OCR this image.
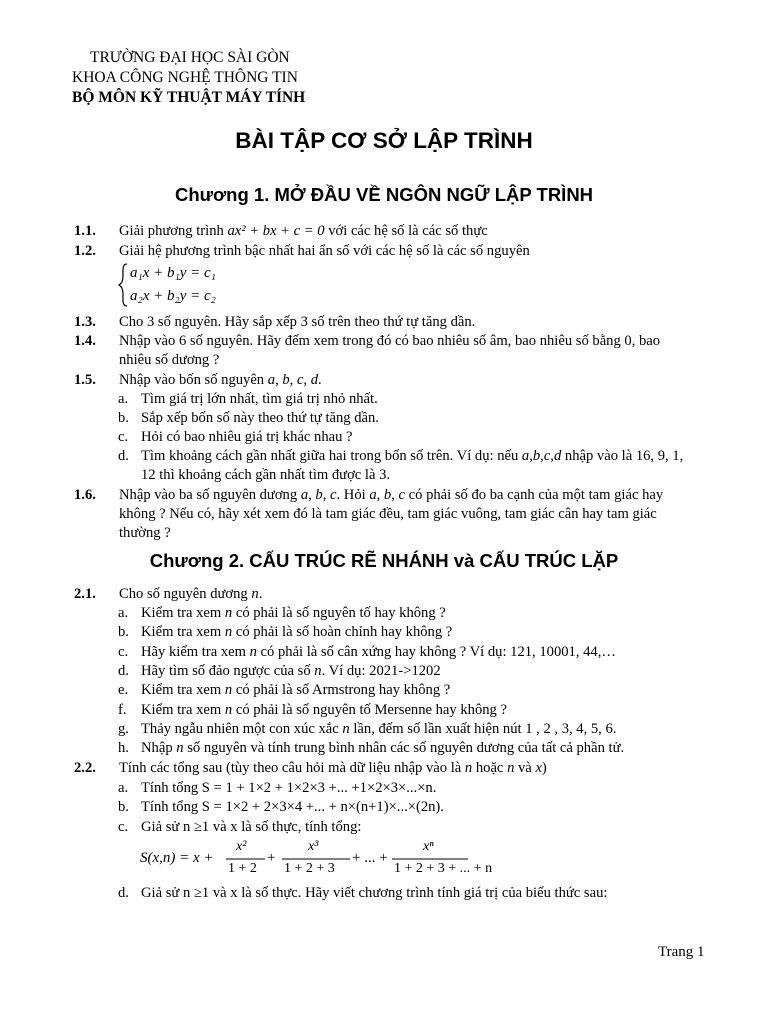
TRƯỜNG ĐẠI HỌC SÀI GÒN
KHOA CÔNG NGHỆ THÔNG TIN
BỘ MÔN KỸ THUẬT MÁY TÍNH
BÀI TẬP CƠ SỞ LẬP TRÌNH
Chương 1. MỞ ĐẦU VỀ NGÔN NGỮ LẬP TRÌNH
1.1. Giải phương trình ax² + bx + c = 0 với các hệ số là các số thực
1.2. Giải hệ phương trình bậc nhất hai ẩn số với các hệ số là các số nguyên
a₁x + b₁y = c₁
a₂x + b₂y = c₂
1.3. Cho 3 số nguyên. Hãy sắp xếp 3 số trên theo thứ tự tăng dần.
1.4. Nhập vào 6 số nguyên. Hãy đếm xem trong đó có bao nhiêu số âm, bao nhiêu số bằng 0, bao
nhiêu số dương ?
1.5. Nhập vào bốn số nguyên a, b, c, d.
a. Tìm giá trị lớn nhất, tìm giá trị nhỏ nhất.
b. Sắp xếp bốn số này theo thứ tự tăng dần.
c. Hỏi có bao nhiêu giá trị khác nhau ?
d. Tìm khoảng cách gần nhất giữa hai trong bốn số trên. Ví dụ: nếu a,b,c,d nhập vào là 16, 9, 1,
12 thì khoảng cách gần nhất tìm được là 3.
1.6. Nhập vào ba số nguyên dương a, b, c. Hỏi a, b, c có phải số đo ba cạnh của một tam giác hay
không ? Nếu có, hãy xét xem đó là tam giác đều, tam giác vuông, tam giác cân hay tam giác
thường ?
Chương 2. CẤU TRÚC RẼ NHÁNH và CẤU TRÚC LẶP
2.1. Cho số nguyên dương n.
a. Kiểm tra xem n có phải là số nguyên tố hay không ?
b. Kiểm tra xem n có phải là số hoàn chỉnh hay không ?
c. Hãy kiểm tra xem n có phải là số cân xứng hay không ? Ví dụ: 121, 10001, 44,…
d. Hãy tìm số đảo ngược của số n. Ví dụ: 2021->1202
e. Kiểm tra xem n có phải là số Armstrong hay không ?
f. Kiểm tra xem n có phải là số nguyên tố Mersenne hay không ?
g. Thảy ngẫu nhiên một con xúc xắc n lần, đếm số lần xuất hiện nút 1 , 2 , 3, 4, 5, 6.
h. Nhập n số nguyên và tính trung bình nhân các số nguyên dương của tất cả phần tử.
2.2. Tính các tổng sau (tùy theo câu hỏi mà dữ liệu nhập vào là n hoặc n và x)
a. Tính tổng S = 1 + 1×2 + 1×2×3 +... +1×2×3×...×n.
b. Tính tổng S = 1×2 + 2×3×4 +... + n×(n+1)×...×(2n).
c. Giả sử n ≥1 và x là số thực, tính tổng:
S(x,n) = x +
x²
1 + 2
+
x³
1 + 2 + 3
+ ... +
xⁿ
1 + 2 + 3 + ... + n
d. Giả sử n ≥1 và x là số thực. Hãy viết chương trình tính giá trị của biểu thức sau:
Trang 1
